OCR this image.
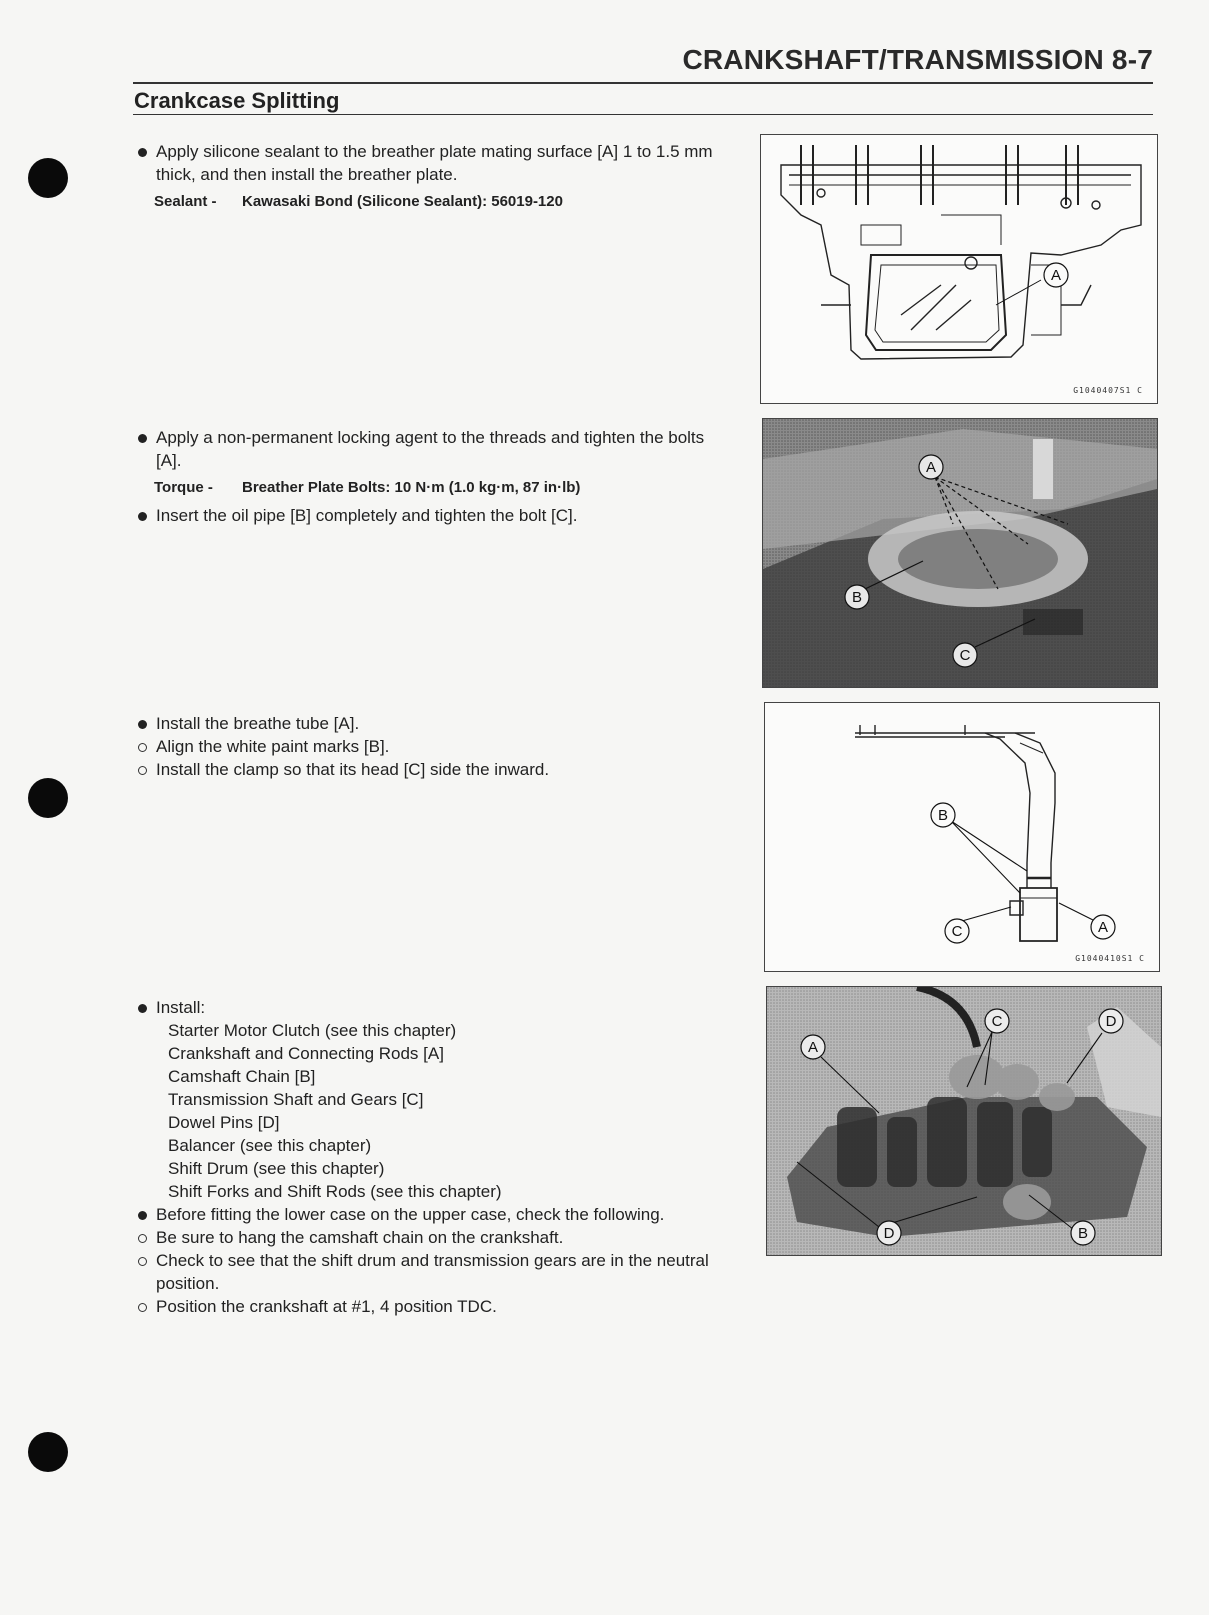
CRANKSHAFT/TRANSMISSION 8-7
Crankcase Splitting
Apply silicone sealant to the breather plate mating surface [A] 1 to 1.5 mm thick, and then install the breather plate.
Sealant - Kawasaki Bond (Silicone Sealant): 56019-120
A
G1040407S1 C
Apply a non-permanent locking agent to the threads and tighten the bolts [A].
Torque - Breather Plate Bolts: 10 N·m (1.0 kg·m, 87 in·lb)
Insert the oil pipe [B] completely and tighten the bolt [C].
A
B
C
Install the breathe tube [A].
Align the white paint marks [B].
Install the clamp so that its head [C] side the inward.
B
C	A
G1040410S1 C
Install:
Starter Motor Clutch (see this chapter)
Crankshaft and Connecting Rods [A]
Camshaft Chain [B]
Transmission Shaft and Gears [C]
Dowel Pins [D]
Balancer (see this chapter)
Shift Drum (see this chapter)
Shift Forks and Shift Rods (see this chapter)
Before fitting the lower case on the upper case, check the following.
Be sure to hang the camshaft chain on the crankshaft.
Check to see that the shift drum and transmission gears are in the neutral position.
Position the crankshaft at #1, 4 position TDC.
A
C	D
D	B
